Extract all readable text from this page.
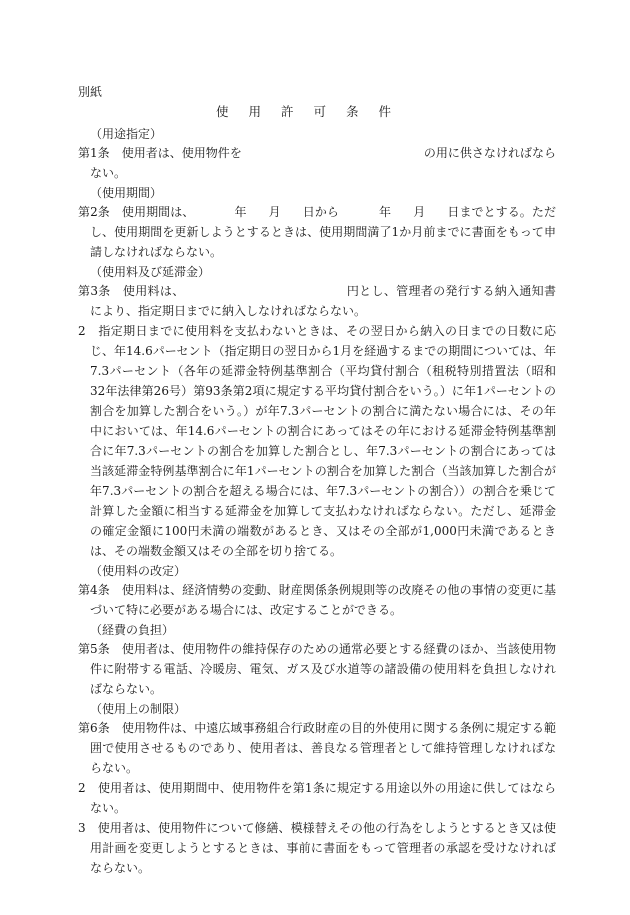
別紙
使用許可条件
（用途指定）

第1条　使用者は、使用物件を	の用に供さなければならない。

（使用期間）

第2条　使用期間は、	年 月 日から	年 月 日までとする。ただし、使用期間を更新しようとするときは、使用期間満了1か月前までに書面をもって申請しなければならない。

（使用料及び延滞金）

第3条　使用料は、	円とし、管理者の発行する納入通知書により、指定期日までに納入しなければならない。

2　指定期日までに使用料を支払わないときは、その翌日から納入の日までの日数に応じ、年14.6パーセント（指定期日の翌日から1月を経過するまでの期間については、年7.3パーセント（各年の延滞金特例基準割合（平均貸付割合（租税特別措置法（昭和32年法律第26号）第93条第2項に規定する平均貸付割合をいう。）に年1パーセントの割合を加算した割合をいう。）が年7.3パーセントの割合に満たない場合には、その年中においては、年14.6パーセントの割合にあってはその年における延滞金特例基準割合に年7.3パーセントの割合を加算した割合とし、年7.3パーセントの割合にあっては当該延滞金特例基準割合に年1パーセントの割合を加算した割合（当該加算した割合が年7.3パーセントの割合を超える場合には、年7.3パーセントの割合））の割合を乗じて計算した金額に相当する延滞金を加算して支払わなければならない。ただし、延滞金の確定金額に100円未満の端数があるとき、又はその全部が1,000円未満であるときは、その端数金額又はその全部を切り捨てる。

（使用料の改定）

第4条　使用料は、経済情勢の変動、財産関係条例規則等の改廃その他の事情の変更に基づいて特に必要がある場合には、改定することができる。

（経費の負担）

第5条　使用者は、使用物件の維持保存のための通常必要とする経費のほか、当該使用物件に附帯する電話、冷暖房、電気、ガス及び水道等の諸設備の使用料を負担しなければならない。

（使用上の制限）

第6条　使用物件は、中遠広域事務組合行政財産の目的外使用に関する条例に規定する範囲で使用させるものであり、使用者は、善良なる管理者として維持管理しなければならない。

2　使用者は、使用期間中、使用物件を第1条に規定する用途以外の用途に供してはならない。

3　使用者は、使用物件について修繕、模様替えその他の行為をしようとするとき又は使用計画を変更しようとするときは、事前に書面をもって管理者の承認を受けなければならない。
